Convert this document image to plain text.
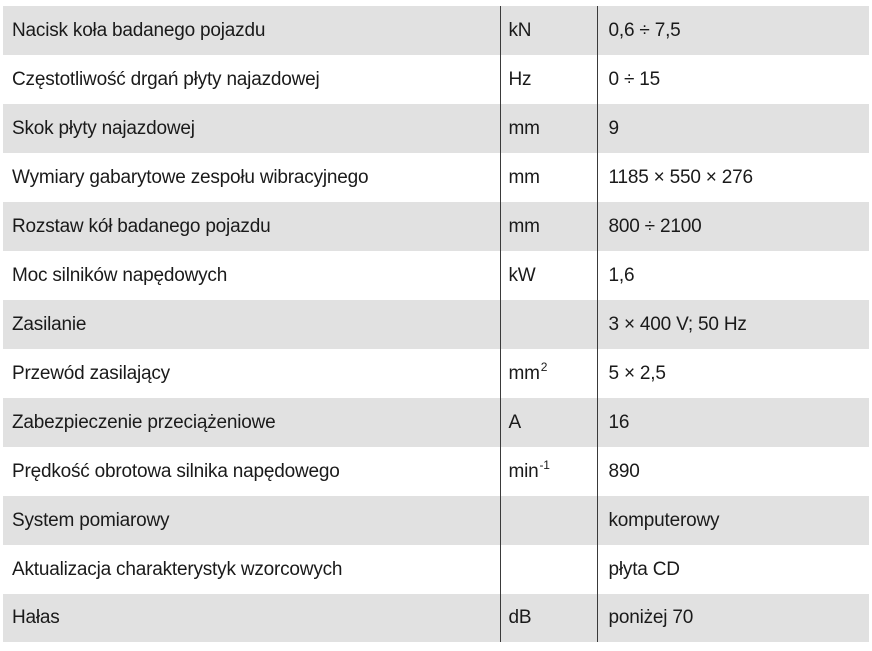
Nacisk koła badanego pojazdu	kN	0,6 ÷ 7,5
Częstotliwość drgań płyty najazdowej	Hz	0 ÷ 15
Skok płyty najazdowej	mm	9
Wymiary gabarytowe zespołu wibracyjnego	mm	1185 × 550 × 276
Rozstaw kół badanego pojazdu	mm	800 ÷ 2100
Moc silników napędowych	kW	1,6
Zasilanie		3 × 400 V; 50 Hz
Przewód zasilający	$mm^2$	5 × 2,5
Zabezpieczenie przeciążeniowe	A	16
Prędkość obrotowa silnika napędowego	$\min^{-1}$	890
System pomiarowy		komputerowy
Aktualizacja charakterystyk wzorcowych		płyta CD
Hałas	dB	poniżej 70
